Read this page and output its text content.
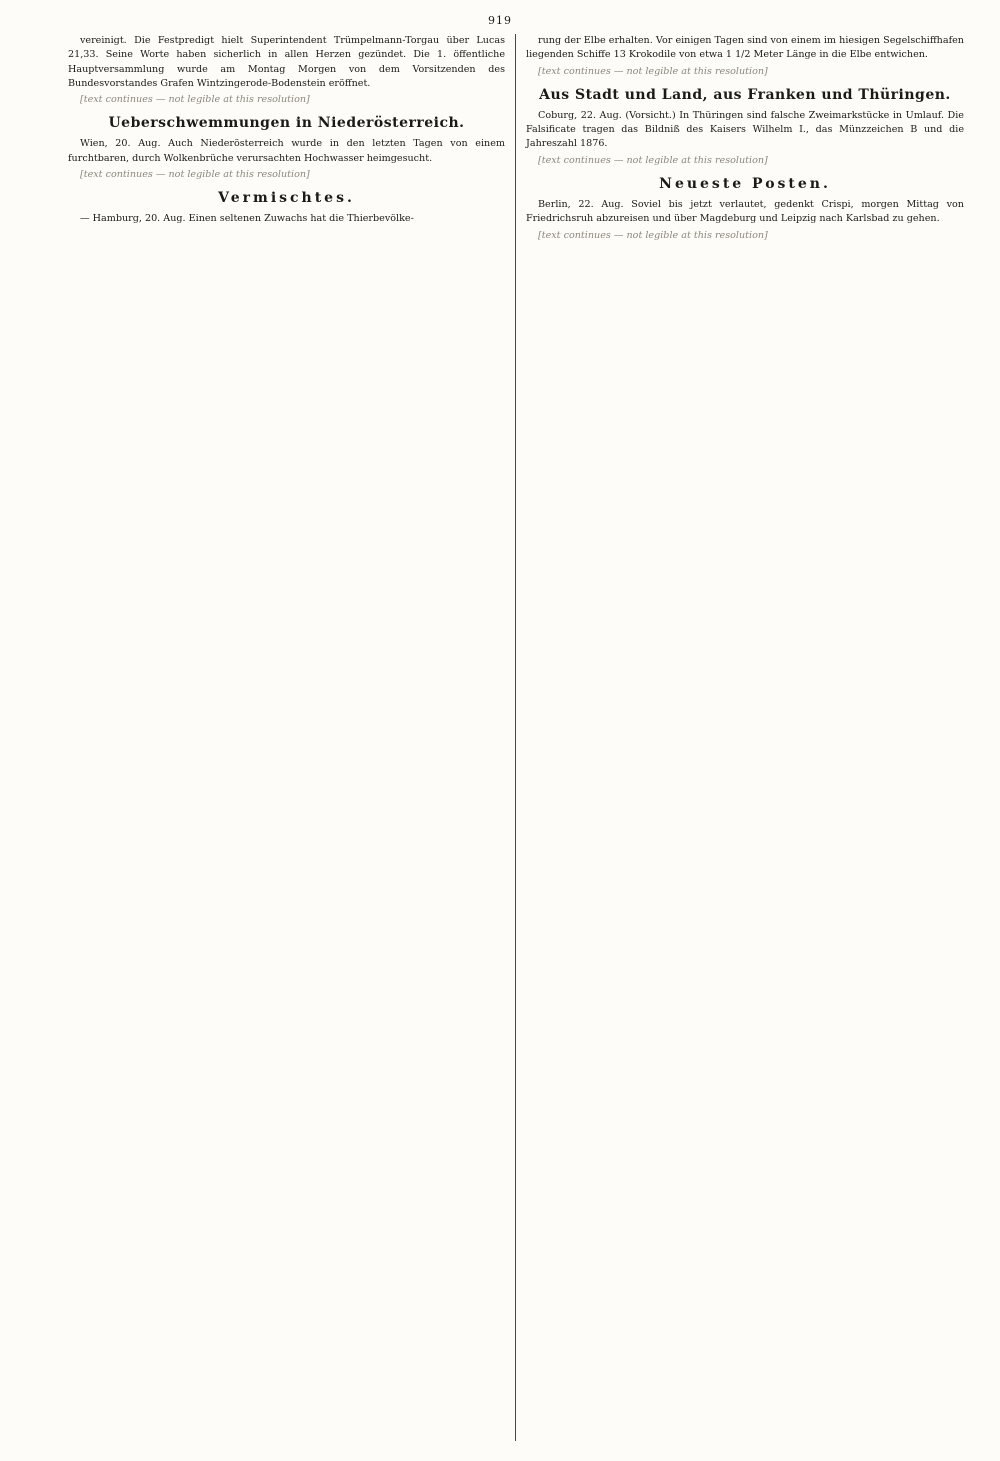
919

vereinigt. Die Festpredigt hielt Superintendent Trümpelmann-Torgau über Lucas 21,33. Seine Worte haben sicherlich in allen Herzen gezündet. Die 1. öffentliche Hauptversammlung wurde am Montag Morgen von dem Vorsitzenden des Bundesvorstandes Grafen Wintzingerode-Bodenstein eröffnet.

[text continues — not legible at this resolution]

Ueberschwemmungen in Niederösterreich.

Wien, 20. Aug. Auch Niederösterreich wurde in den letzten Tagen von einem furchtbaren, durch Wolkenbrüche verursachten Hochwasser heimgesucht.

[text continues — not legible at this resolution]

Vermischtes.

— Hamburg, 20. Aug. Einen seltenen Zuwachs hat die Thierbevölke-

rung der Elbe erhalten. Vor einigen Tagen sind von einem im hiesigen Segelschiffhafen liegenden Schiffe 13 Krokodile von etwa 1 1/2 Meter Länge in die Elbe entwichen.

[text continues — not legible at this resolution]

Aus Stadt und Land, aus Franken und Thüringen.

Coburg, 22. Aug. (Vorsicht.) In Thüringen sind falsche Zweimarkstücke in Umlauf. Die Falsificate tragen das Bildniß des Kaisers Wilhelm I., das Münzzeichen B und die Jahreszahl 1876.

[text continues — not legible at this resolution]

Neueste Posten.

Berlin, 22. Aug. Soviel bis jetzt verlautet, gedenkt Crispi, morgen Mittag von Friedrichsruh abzureisen und über Magdeburg und Leipzig nach Karlsbad zu gehen.

[text continues — not legible at this resolution]
